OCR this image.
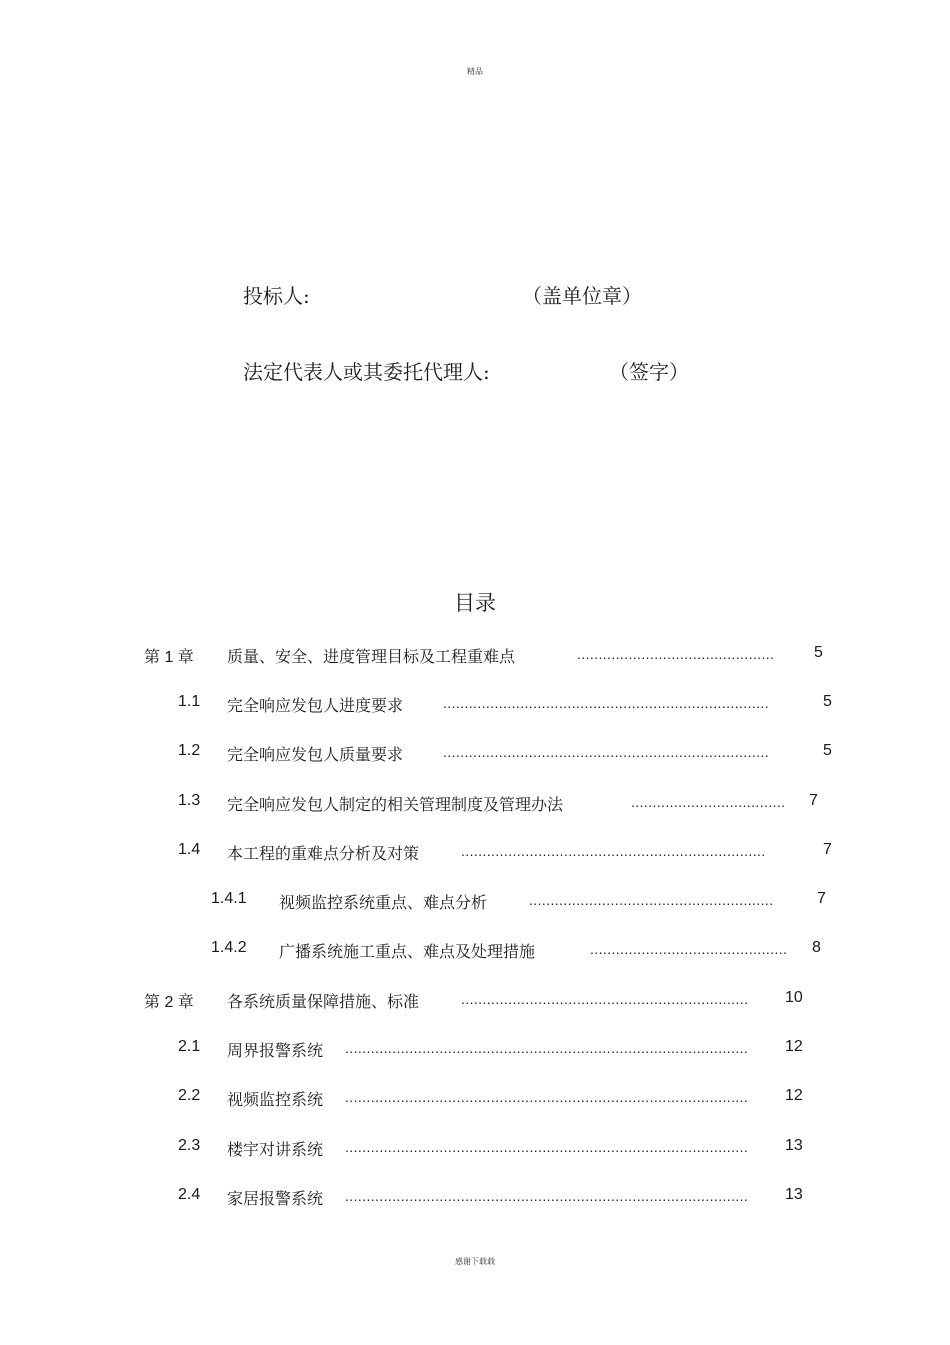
精品
投标人:	（盖单位章）
法定代表人或其委托代理人:	（签字）
目录
第 1 章 质量、安全、进度管理目标及工程重难点	..............................................	5
1.1 完全响应发包人进度要求	............................................................................	5
1.2 完全响应发包人质量要求	............................................................................	5
1.3 完全响应发包人制定的相关管理制度及管理办法	....................................	7
1.4 本工程的重难点分析及对策	.......................................................................	7
1.4.1 视频监控系统重点、难点分析	.........................................................	7
1.4.2 广播系统施工重点、难点及处理措施	..............................................	8
第 2 章 各系统质量保障措施、标准	...................................................................	10
2.1 周界报警系统 ..............................................................................................	12
2.2 视频监控系统 ..............................................................................................	12
2.3 楼宇对讲系统 ..............................................................................................	13
2.4 家居报警系统 ..............................................................................................	13
感谢下载载
